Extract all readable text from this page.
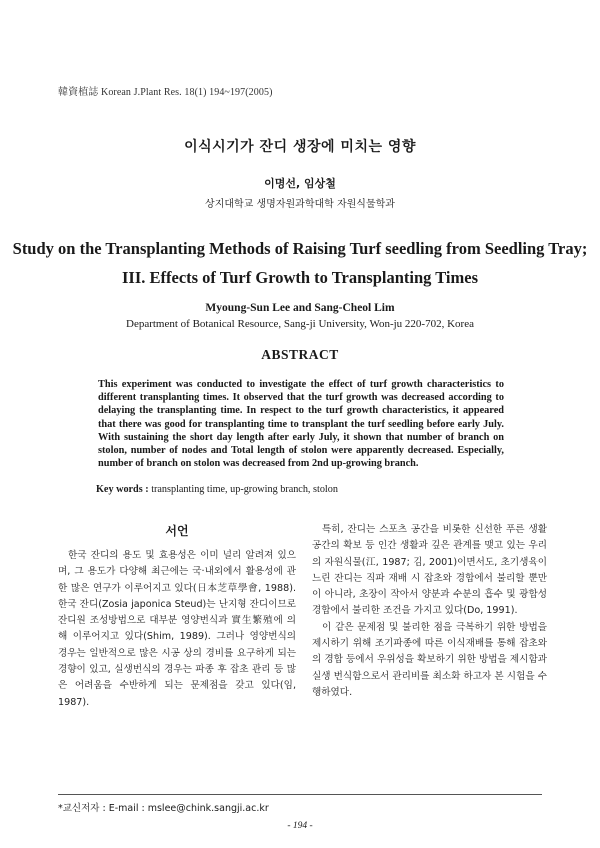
韓資植誌 Korean J.Plant Res. 18(1) 194~197(2005)
이식시기가 잔디 생장에 미치는 영향
이명선, 임상철
상지대학교 생명자원과학대학 자원식물학과
Study on the Transplanting Methods of Raising Turf seedling from Seedling Tray; III. Effects of Turf Growth to Transplanting Times
Myoung-Sun Lee and Sang-Cheol Lim
Department of Botanical Resource, Sang-ji University, Won-ju 220-702, Korea
ABSTRACT
This experiment was conducted to investigate the effect of turf growth characteristics to different transplanting times. It observed that the turf growth was decreased according to delaying the transplanting time. In respect to the turf growth characteristics, it appeared that there was good for transplanting time to transplant the turf seedling before early July. With sustaining the short day length after early July, it shown that number of branch on stolon, number of nodes and Total length of stolon were apparently decreased. Especially, number of branch on stolon was decreased from 2nd up-growing branch.
Key words : transplanting time, up-growing branch, stolon
서언

한국 잔디의 용도 및 효용성은 이미 널리 알려져 있으며, 그 용도가 다양해 최근에는 국·내외에서 활용성에 관한 많은 연구가 이루어지고 있다(日本芝草學會, 1988). 한국 잔디(Zosia japonica Steud)는 난지형 잔디이므로 잔디원 조성방법으로 대부분 영양번식과 實生繁殖에 의해 이루어지고 있다(Shim, 1989). 그러나 영양번식의 경우는 일반적으로 많은 시공 상의 경비를 요구하게 되는 경향이 있고, 실생번식의 경우는 파종 후 잡초 관리 등 많은 어려움을 수반하게 되는 문제점을 갖고 있다(임, 1987).

특히, 잔디는 스포츠 공간을 비롯한 신선한 푸른 생활공간의 확보 등 인간 생활과 깊은 관계를 맺고 있는 우리의 자원식물(江, 1987; 김, 2001)이면서도, 초기생육이 느린 잔디는 직파 재배 시 잡초와 경합에서 불리할 뿐만이 아니라, 초장이 작아서 양분과 수분의 흡수 및 광합성 경합에서 불리한 조건을 가지고 있다(Do, 1991).

이 같은 문제점 및 불리한 점을 극복하기 위한 방법을 제시하기 위해 조기파종에 따른 이식재배를 통해 잡초와의 경합 등에서 우위성을 확보하기 위한 방법을 제시함과 실생 번식함으로서 관리비를 최소화 하고자 본 시험을 수행하였다.

*교신저자 : E-mail : mslee@chink.sangji.ac.kr
- 194 -
